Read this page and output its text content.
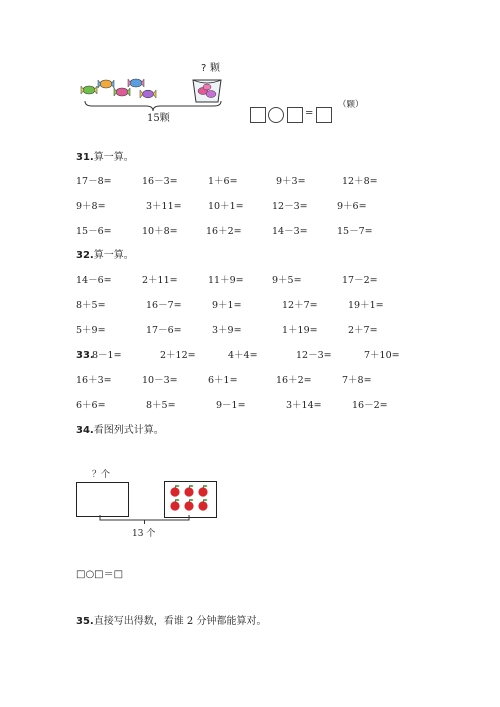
? 颗
15颗	=
（颗）
31.算一算。
17－8=	16－3=	1＋6=	9＋3=	12＋8=
9＋8=	3＋11=	10＋1=	12－3=	9＋6=
15－6=	10＋8=	16＋2=	14－3=	15－7=
32.算一算。
14－6=	2＋11=	11＋9=	9＋5=	17－2=
8＋5=	16－7=	9＋1=	12＋7=	19＋1=
5＋9=	17－6=	3＋9=	1＋19=	2＋7=
33.
8－1=	2＋12=	4＋4=	12－3=	7＋10=
16＋3=	10－3=	6＋1=	16＋2=	7＋8=
6＋6=	8＋5=	9－1=	3＋14=	16－2=
34.看图列式计算。
？个
13 个
□○□＝□
35.直接写出得数，看谁 2 分钟都能算对。
